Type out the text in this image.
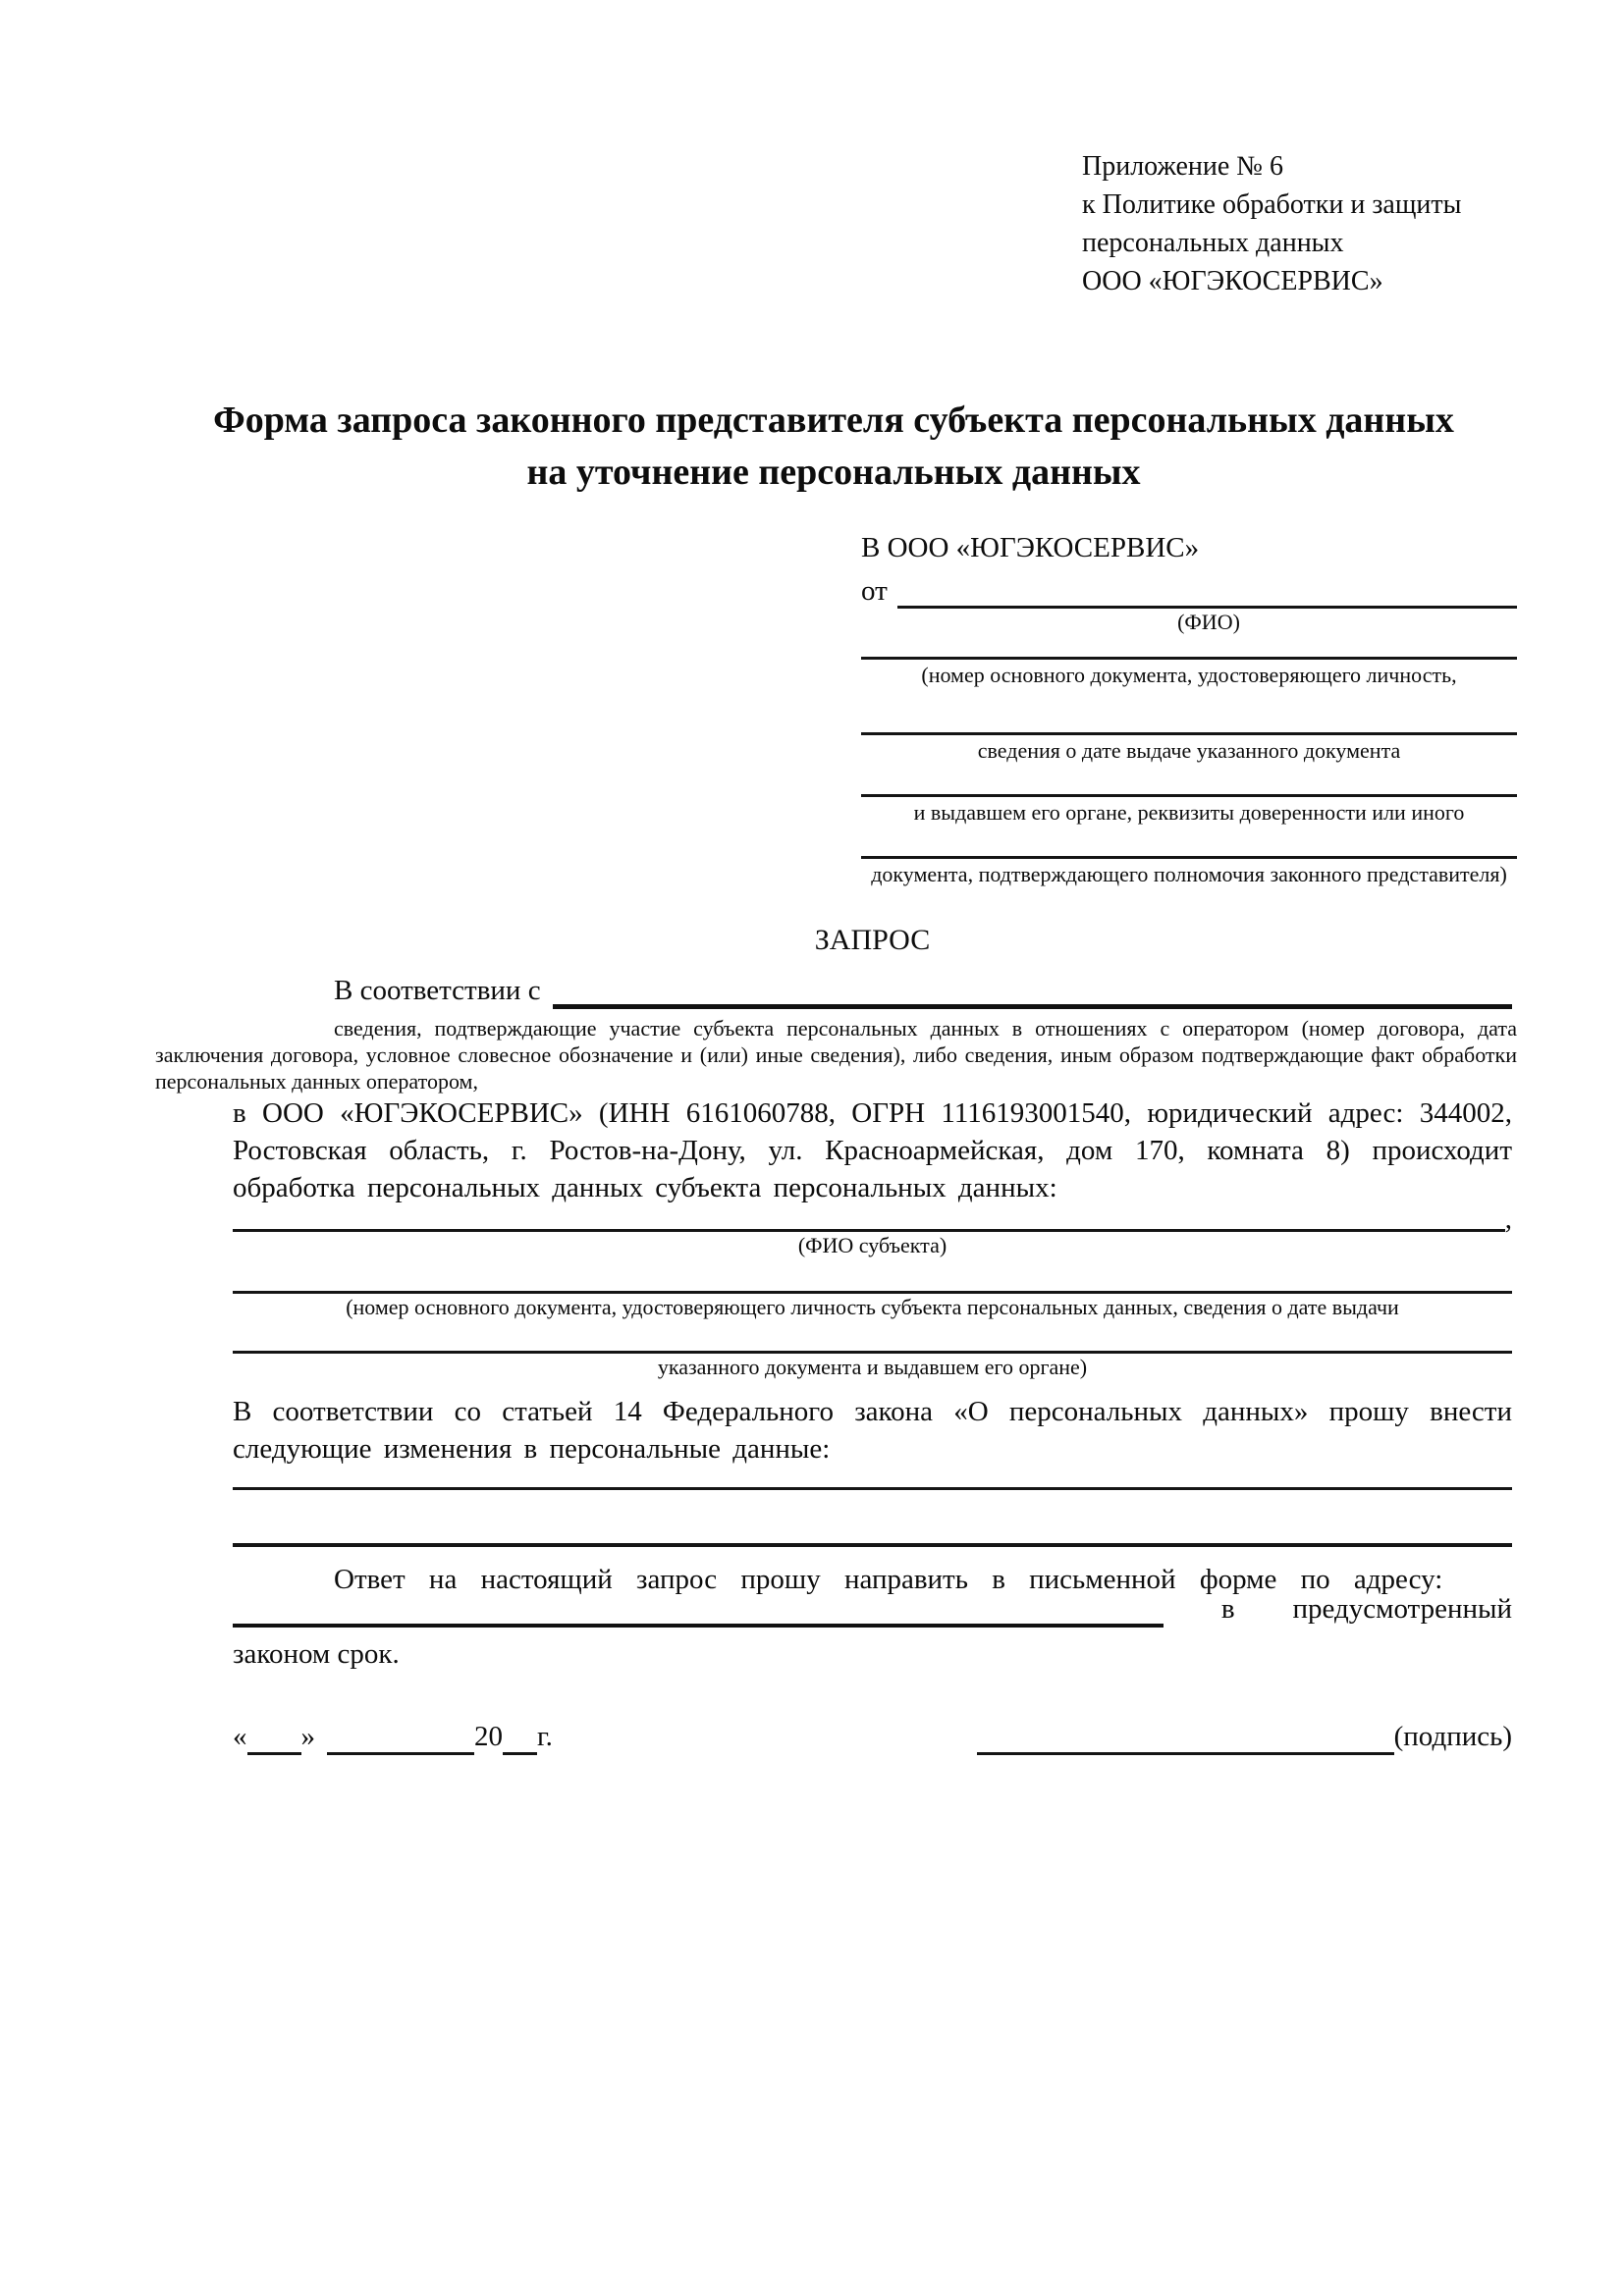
Приложение № 6
к Политике обработки и защиты
персональных данных
ООО «ЮГЭКОСЕРВИС»
Форма запроса законного представителя субъекта персональных данных
на уточнение персональных данных
В ООО «ЮГЭКОСЕРВИС»
от
(ФИО)
(номер основного документа, удостоверяющего личность,
сведения о дате выдаче указанного документа
и выдавшем его органе, реквизиты доверенности или иного
документа, подтверждающего полномочия законного представителя)
ЗАПРОС
В соответствии с
сведения, подтверждающие участие субъекта персональных данных в отношениях с оператором (номер договора, дата заключения договора, условное словесное обозначение и (или) иные сведения), либо сведения, иным образом подтверждающие факт обработки персональных данных оператором,
в ООО «ЮГЭКОСЕРВИС» (ИНН 6161060788, ОГРН 1116193001540, юридический адрес: 344002, Ростовская область, г. Ростов-на-Дону, ул. Красноармейская, дом 170, комната 8) происходит обработка персональных данных субъекта персональных данных:
,
(ФИО субъекта)
(номер основного документа, удостоверяющего личность субъекта персональных данных, сведения о дате выдачи
указанного документа и выдавшем его органе)
В соответствии со статьей 14 Федерального закона «О персональных данных» прошу внести следующие изменения в персональные данные:
Ответ на настоящий запрос прошу направить в письменной форме по адресу:
в предусмотренный
законом срок.
« »	20 г.	(подпись)
